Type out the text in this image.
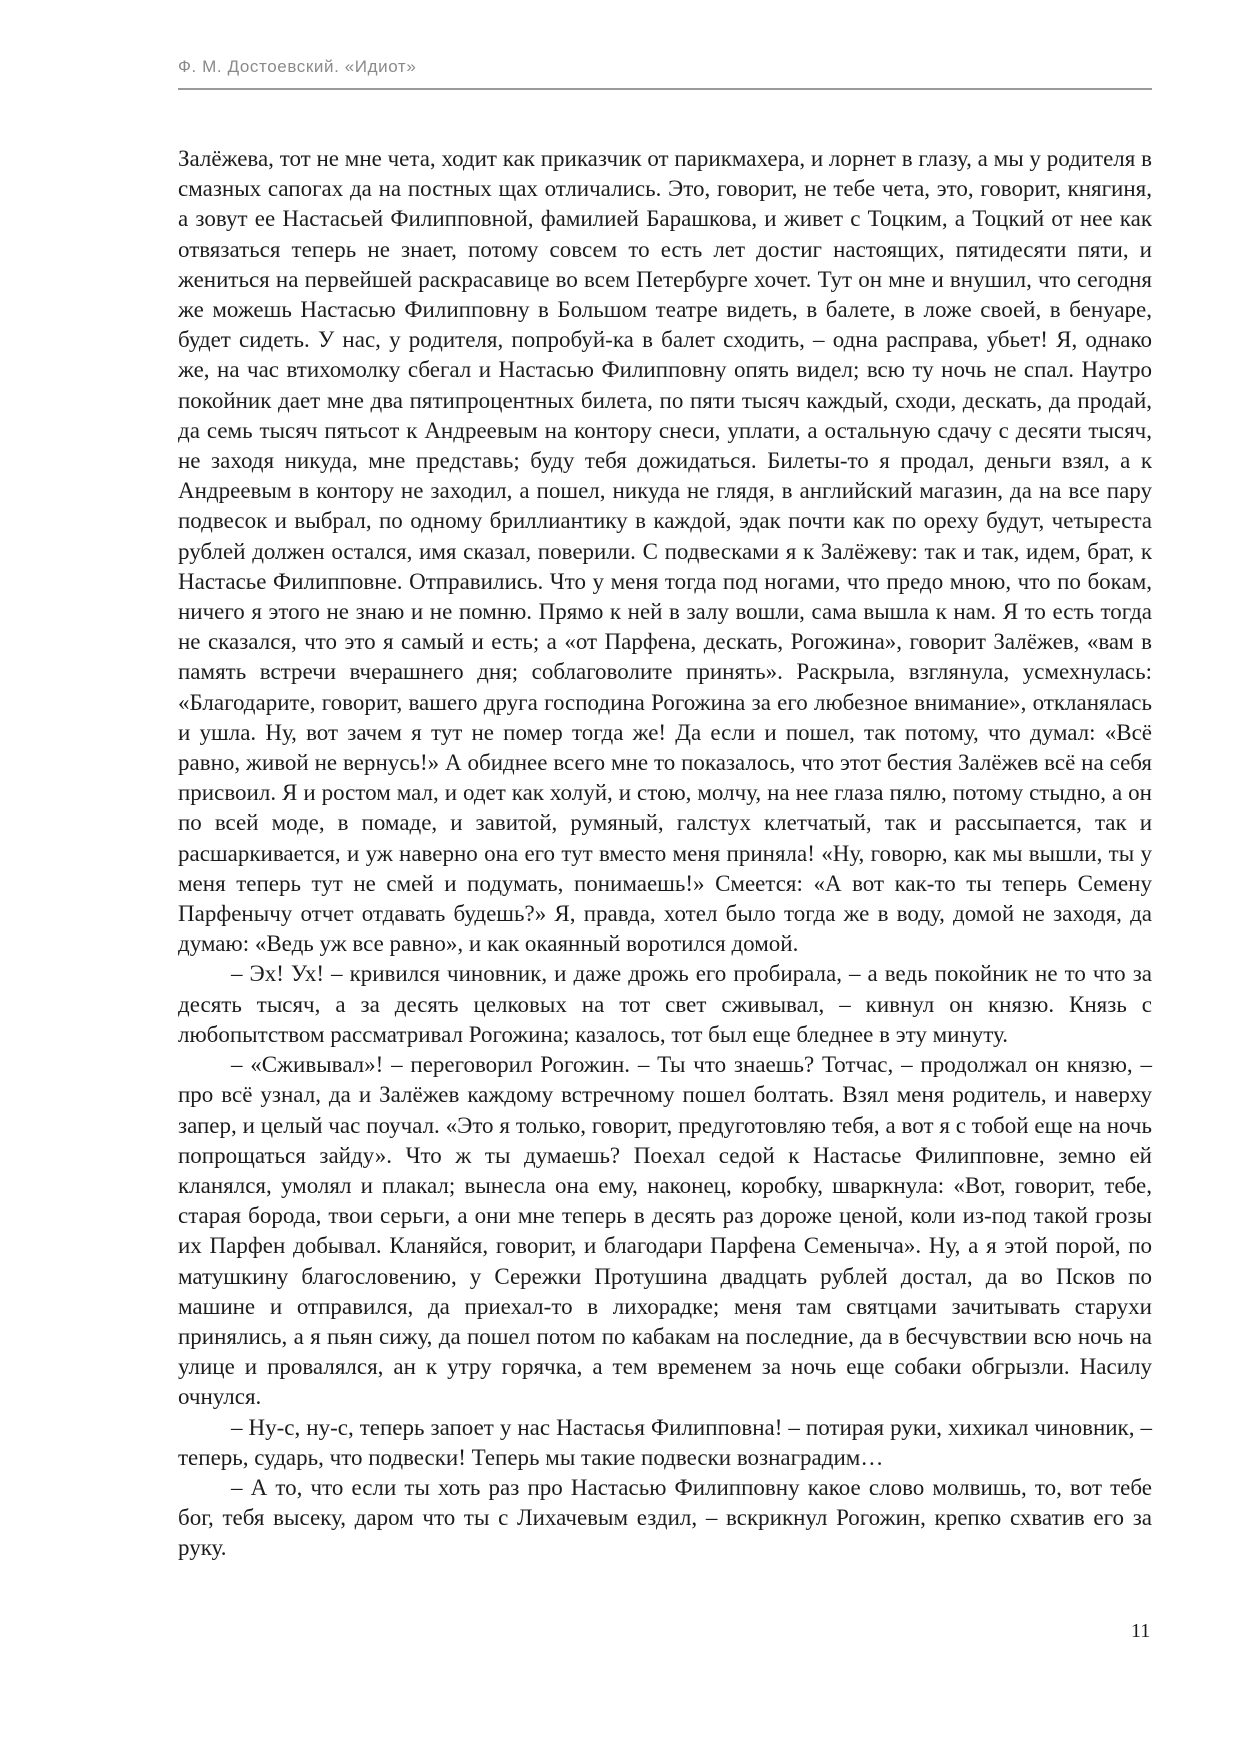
Ф. М. Достоевский. «Идиот»

Залёжева, тот не мне чета, ходит как приказчик от парикмахера, и лорнет в глазу, а мы у родителя в смазных сапогах да на постных щах отличались. Это, говорит, не тебе чета, это, говорит, княгиня, а зовут ее Настасьей Филипповной, фамилией Барашкова, и живет с Тоцким, а Тоцкий от нее как отвязаться теперь не знает, потому совсем то есть лет достиг настоящих, пятидесяти пяти, и жениться на первейшей раскрасавице во всем Петербурге хочет. Тут он мне и внушил, что сегодня же можешь Настасью Филипповну в Большом театре видеть, в балете, в ложе своей, в бенуаре, будет сидеть. У нас, у родителя, попробуй-ка в балет сходить, – одна расправа, убьет! Я, однако же, на час втихомолку сбегал и Настасью Филипповну опять видел; всю ту ночь не спал. Наутро покойник дает мне два пятипроцентных билета, по пяти тысяч каждый, сходи, дескать, да продай, да семь тысяч пятьсот к Андреевым на контору снеси, уплати, а остальную сдачу с десяти тысяч, не заходя никуда, мне представь; буду тебя дожидаться. Билеты-то я продал, деньги взял, а к Андреевым в контору не заходил, а пошел, никуда не глядя, в английский магазин, да на все пару подвесок и выбрал, по одному бриллиантику в каждой, эдак почти как по ореху будут, четыреста рублей должен остался, имя сказал, поверили. С подвесками я к Залёжеву: так и так, идем, брат, к Настасье Филипповне. Отправились. Что у меня тогда под ногами, что предо мною, что по бокам, ничего я этого не знаю и не помню. Прямо к ней в залу вошли, сама вышла к нам. Я то есть тогда не сказался, что это я самый и есть; а «от Парфена, дескать, Рогожина», говорит Залёжев, «вам в память встречи вчерашнего дня; соблаговолите принять». Раскрыла, взглянула, усмехнулась: «Благодарите, говорит, вашего друга господина Рогожина за его любезное внимание», откланялась и ушла. Ну, вот зачем я тут не помер тогда же! Да если и пошел, так потому, что думал: «Всё равно, живой не вернусь!» А обиднее всего мне то показалось, что этот бестия Залёжев всё на себя присвоил. Я и ростом мал, и одет как холуй, и стою, молчу, на нее глаза пялю, потому стыдно, а он по всей моде, в помаде, и завитой, румяный, галстух клетчатый, так и рассыпается, так и расшаркивается, и уж наверно она его тут вместо меня приняла! «Ну, говорю, как мы вышли, ты у меня теперь тут не смей и подумать, понимаешь!» Смеется: «А вот как-то ты теперь Семену Парфенычу отчет отдавать будешь?» Я, правда, хотел было тогда же в воду, домой не заходя, да думаю: «Ведь уж все равно», и как окаянный воротился домой.

– Эх! Ух! – кривился чиновник, и даже дрожь его пробирала, – а ведь покойник не то что за десять тысяч, а за десять целковых на тот свет сживывал, – кивнул он князю. Князь с любопытством рассматривал Рогожина; казалось, тот был еще бледнее в эту минуту.

– «Сживывал»! – переговорил Рогожин. – Ты что знаешь? Тотчас, – продолжал он князю, – про всё узнал, да и Залёжев каждому встречному пошел болтать. Взял меня родитель, и наверху запер, и целый час поучал. «Это я только, говорит, предуготовляю тебя, а вот я с тобой еще на ночь попрощаться зайду». Что ж ты думаешь? Поехал седой к Настасье Филипповне, земно ей кланялся, умолял и плакал; вынесла она ему, наконец, коробку, шваркнула: «Вот, говорит, тебе, старая борода, твои серьги, а они мне теперь в десять раз дороже ценой, коли из-под такой грозы их Парфен добывал. Кланяйся, говорит, и благодари Парфена Семеныча». Ну, а я этой порой, по матушкину благословению, у Сережки Протушина двадцать рублей достал, да во Псков по машине и отправился, да приехал-то в лихорадке; меня там святцами зачитывать старухи принялись, а я пьян сижу, да пошел потом по кабакам на последние, да в бесчувствии всю ночь на улице и провалялся, ан к утру горячка, а тем временем за ночь еще собаки обгрызли. Насилу очнулся.

– Ну-с, ну-с, теперь запоет у нас Настасья Филипповна! – потирая руки, хихикал чиновник, – теперь, сударь, что подвески! Теперь мы такие подвески вознаградим…

– А то, что если ты хоть раз про Настасью Филипповну какое слово молвишь, то, вот тебе бог, тебя высеку, даром что ты с Лихачевым ездил, – вскрикнул Рогожин, крепко схватив его за руку.

11
